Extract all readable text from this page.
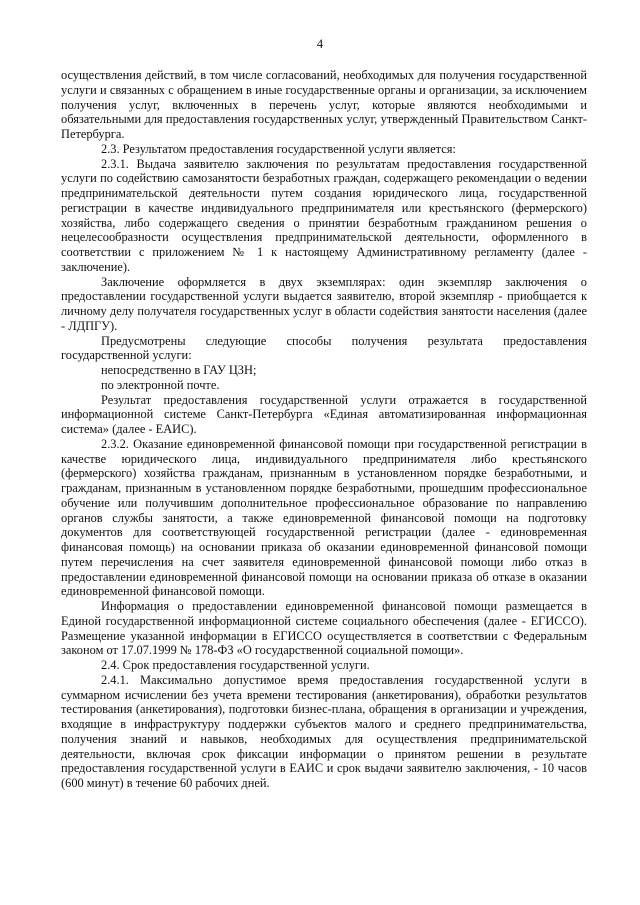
4

осуществления действий, в том числе согласований, необходимых для получения государственной услуги и связанных с обращением в иные государственные органы и организации, за исключением получения услуг, включенных в перечень услуг, которые являются необходимыми и обязательными для предоставления государственных услуг, утвержденный Правительством Санкт-Петербурга.

2.3. Результатом предоставления государственной услуги является:

2.3.1. Выдача заявителю заключения по результатам предоставления государственной услуги по содействию самозанятости безработных граждан, содержащего рекомендации о ведении предпринимательской деятельности путем создания юридического лица, государственной регистрации в качестве индивидуального предпринимателя или крестьянского (фермерского) хозяйства, либо содержащего сведения о принятии безработным гражданином решения о нецелесообразности осуществления предпринимательской деятельности, оформленного в соответствии с приложением № 1 к настоящему Административному регламенту (далее - заключение).

Заключение оформляется в двух экземплярах: один экземпляр заключения о предоставлении государственной услуги выдается заявителю, второй экземпляр - приобщается к личному делу получателя государственных услуг в области содействия занятости населения (далее - ЛДПГУ).

Предусмотрены следующие способы получения результата предоставления государственной услуги:

непосредственно в ГАУ ЦЗН;

по электронной почте.

Результат предоставления государственной услуги отражается в государственной информационной системе Санкт-Петербурга «Единая автоматизированная информационная система» (далее - ЕАИС).

2.3.2. Оказание единовременной финансовой помощи при государственной регистрации в качестве юридического лица, индивидуального предпринимателя либо крестьянского (фермерского) хозяйства гражданам, признанным в установленном порядке безработными, и гражданам, признанным в установленном порядке безработными, прошедшим профессиональное обучение или получившим дополнительное профессиональное образование по направлению органов службы занятости, а также единовременной финансовой помощи на подготовку документов для соответствующей государственной регистрации (далее - единовременная финансовая помощь) на основании приказа об оказании единовременной финансовой помощи путем перечисления на счет заявителя единовременной финансовой помощи либо отказ в предоставлении единовременной финансовой помощи на основании приказа об отказе в оказании единовременной финансовой помощи.

Информация о предоставлении единовременной финансовой помощи размещается в Единой государственной информационной системе социального обеспечения (далее - ЕГИССО). Размещение указанной информации в ЕГИССО осуществляется в соответствии с Федеральным законом от 17.07.1999 № 178-ФЗ «О государственной социальной помощи».

2.4. Срок предоставления государственной услуги.

2.4.1. Максимально допустимое время предоставления государственной услуги в суммарном исчислении без учета времени тестирования (анкетирования), обработки результатов тестирования (анкетирования), подготовки бизнес-плана, обращения в организации и учреждения, входящие в инфраструктуру поддержки субъектов малого и среднего предпринимательства, получения знаний и навыков, необходимых для осуществления предпринимательской деятельности, включая срок фиксации информации о принятом решении в результате предоставления государственной услуги в ЕАИС и срок выдачи заявителю заключения, - 10 часов (600 минут) в течение 60 рабочих дней.
